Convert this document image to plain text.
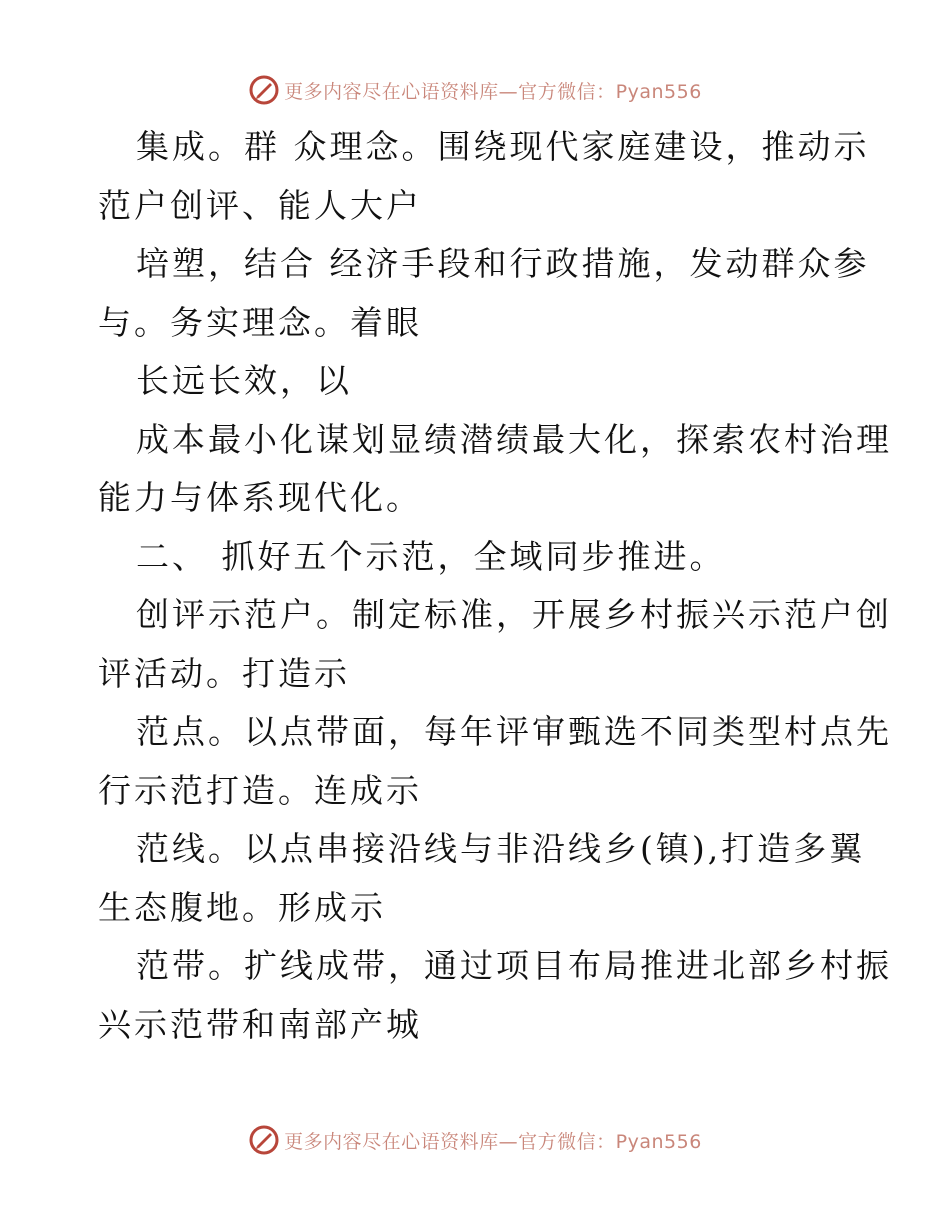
更多内容尽在心语资料库—官方微信：Pyan556
集成。群 众理念。围绕现代家庭建设，推动示
范户创评、能人大户
培塑，结合 经济手段和行政措施，发动群众参
与。务实理念。着眼
长远长效，以
成本最小化谋划显绩潜绩最大化，探索农村治理
能力与体系现代化。
二、 抓好五个示范，全域同步推进。
创评示范户。制定标准，开展乡村振兴示范户创
评活动。打造示
范点。以点带面，每年评审甄选不同类型村点先
行示范打造。连成示
范线。以点串接沿线与非沿线乡(镇),打造多翼
生态腹地。形成示
范带。扩线成带，通过项目布局推进北部乡村振
兴示范带和南部产城
更多内容尽在心语资料库—官方微信：Pyan556
